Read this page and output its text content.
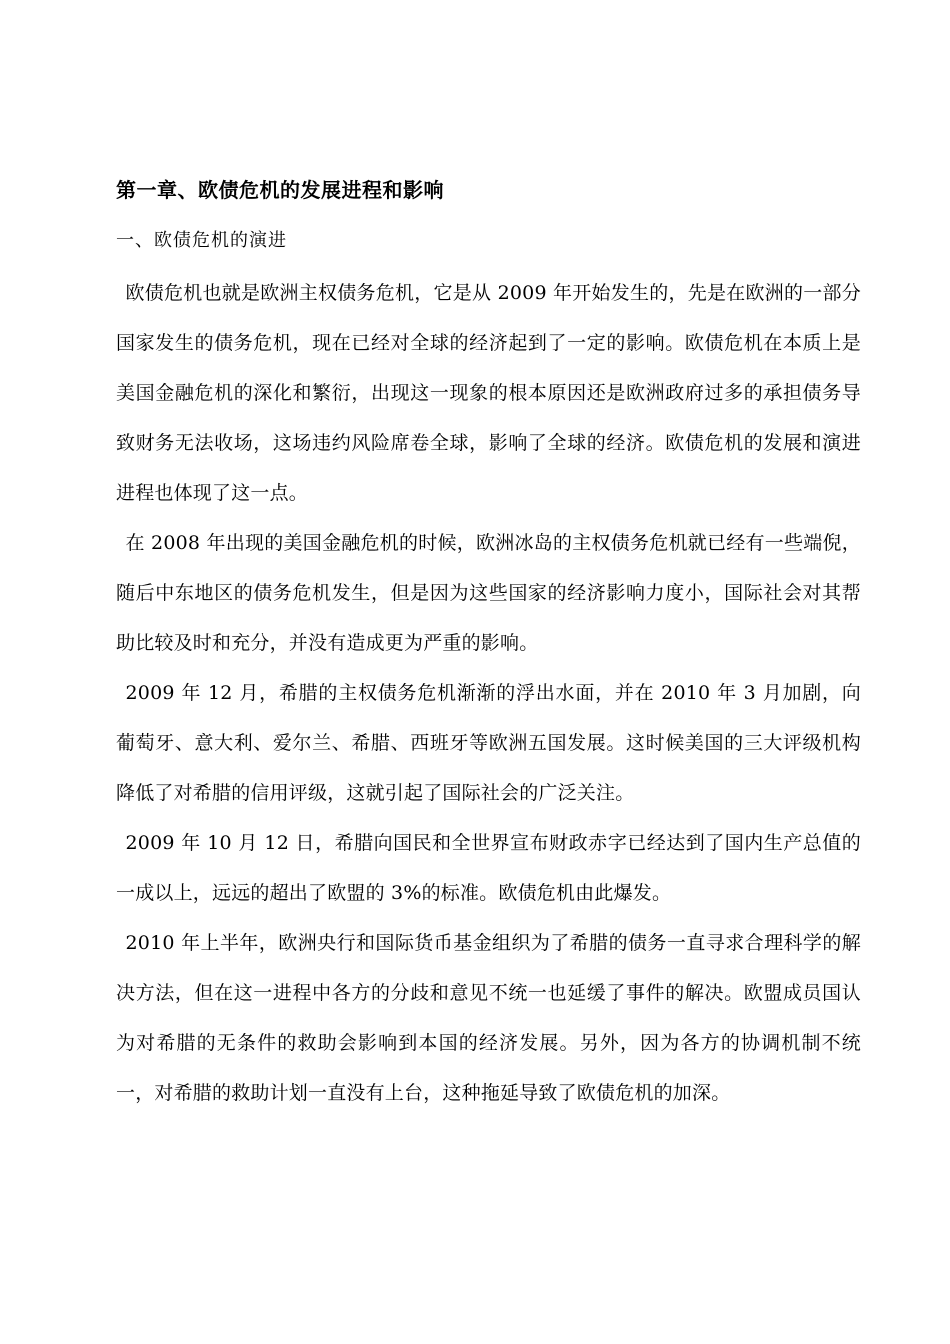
第一章、欧债危机的发展进程和影响
一、欧债危机的演进

欧债危机也就是欧洲主权债务危机，它是从 2009 年开始发生的，先是在欧洲的一部分国家发生的债务危机，现在已经对全球的经济起到了一定的影响。欧债危机在本质上是美国金融危机的深化和繁衍，出现这一现象的根本原因还是欧洲政府过多的承担债务导致财务无法收场，这场违约风险席卷全球，影响了全球的经济。欧债危机的发展和演进进程也体现了这一点。

在 2008 年出现的美国金融危机的时候，欧洲冰岛的主权债务危机就已经有一些端倪，随后中东地区的债务危机发生，但是因为这些国家的经济影响力度小，国际社会对其帮助比较及时和充分，并没有造成更为严重的影响。

2009 年 12 月，希腊的主权债务危机渐渐的浮出水面，并在 2010 年 3 月加剧，向葡萄牙、意大利、爱尔兰、希腊、西班牙等欧洲五国发展。这时候美国的三大评级机构降低了对希腊的信用评级，这就引起了国际社会的广泛关注。

2009 年 10 月 12 日，希腊向国民和全世界宣布财政赤字已经达到了国内生产总值的一成以上，远远的超出了欧盟的 3%的标准。欧债危机由此爆发。

2010 年上半年，欧洲央行和国际货币基金组织为了希腊的债务一直寻求合理科学的解决方法，但在这一进程中各方的分歧和意见不统一也延缓了事件的解决。欧盟成员国认为对希腊的无条件的救助会影响到本国的经济发展。另外，因为各方的协调机制不统一，对希腊的救助计划一直没有上台，这种拖延导致了欧债危机的加深。
